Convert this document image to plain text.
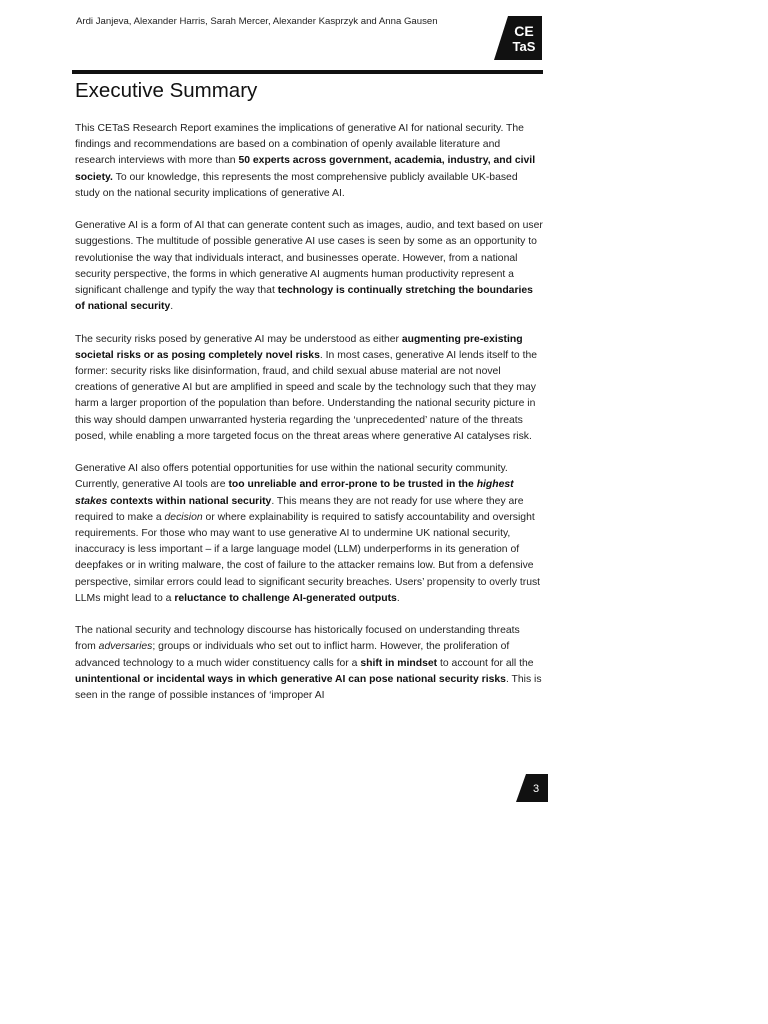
Ardi Janjeva, Alexander Harris, Sarah Mercer, Alexander Kasprzyk and Anna Gausen
CE
TaS
Executive Summary

This CETaS Research Report examines the implications of generative AI for national security. The findings and recommendations are based on a combination of openly available literature and research interviews with more than 50 experts across government, academia, industry, and civil society. To our knowledge, this represents the most comprehensive publicly available UK-based study on the national security implications of generative AI.

Generative AI is a form of AI that can generate content such as images, audio, and text based on user suggestions. The multitude of possible generative AI use cases is seen by some as an opportunity to revolutionise the way that individuals interact, and businesses operate. However, from a national security perspective, the forms in which generative AI augments human productivity represent a significant challenge and typify the way that technology is continually stretching the boundaries of national security.

The security risks posed by generative AI may be understood as either augmenting pre-existing societal risks or as posing completely novel risks. In most cases, generative AI lends itself to the former: security risks like disinformation, fraud, and child sexual abuse material are not novel creations of generative AI but are amplified in speed and scale by the technology such that they may harm a larger proportion of the population than before. Understanding the national security picture in this way should dampen unwarranted hysteria regarding the ‘unprecedented’ nature of the threats posed, while enabling a more targeted focus on the threat areas where generative AI catalyses risk.

Generative AI also offers potential opportunities for use within the national security community. Currently, generative AI tools are too unreliable and error-prone to be trusted in the highest stakes contexts within national security. This means they are not ready for use where they are required to make a decision or where explainability is required to satisfy accountability and oversight requirements. For those who may want to use generative AI to undermine UK national security, inaccuracy is less important – if a large language model (LLM) underperforms in its generation of deepfakes or in writing malware, the cost of failure to the attacker remains low. But from a defensive perspective, similar errors could lead to significant security breaches. Users’ propensity to overly trust LLMs might lead to a reluctance to challenge AI-generated outputs.

The national security and technology discourse has historically focused on understanding threats from adversaries; groups or individuals who set out to inflict harm. However, the proliferation of advanced technology to a much wider constituency calls for a shift in mindset to account for all the unintentional or incidental ways in which generative AI can pose national security risks. This is seen in the range of possible instances of ‘improper AI

3
